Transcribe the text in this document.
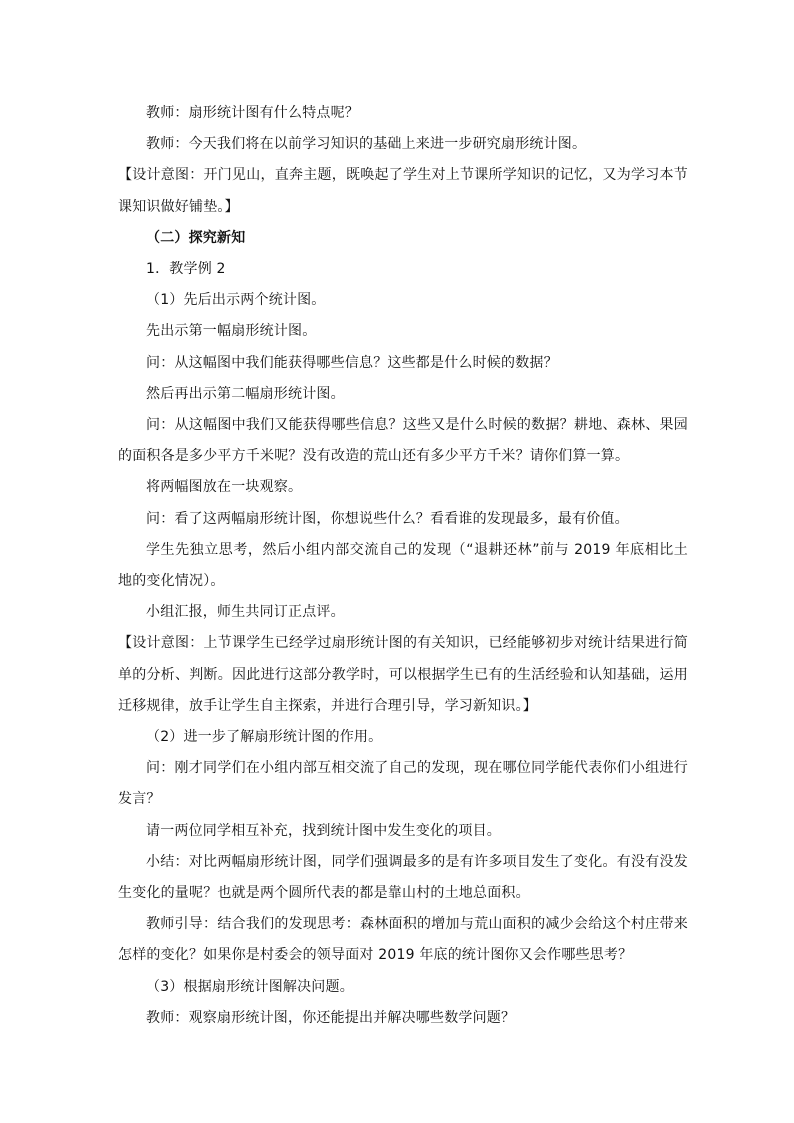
教师：扇形统计图有什么特点呢？

教师：今天我们将在以前学习知识的基础上来进一步研究扇形统计图。

【设计意图：开门见山，直奔主题，既唤起了学生对上节课所学知识的记忆，又为学习本节课知识做好铺垫。】

（二）探究新知

1．教学例 2

（1）先后出示两个统计图。

先出示第一幅扇形统计图。

问：从这幅图中我们能获得哪些信息？这些都是什么时候的数据？

然后再出示第二幅扇形统计图。

问：从这幅图中我们又能获得哪些信息？这些又是什么时候的数据？耕地、森林、果园的面积各是多少平方千米呢？没有改造的荒山还有多少平方千米？请你们算一算。

将两幅图放在一块观察。

问：看了这两幅扇形统计图，你想说些什么？看看谁的发现最多，最有价值。

学生先独立思考，然后小组内部交流自己的发现（“退耕还林”前与 2019 年底相比土地的变化情况）。

小组汇报，师生共同订正点评。

【设计意图：上节课学生已经学过扇形统计图的有关知识，已经能够初步对统计结果进行简单的分析、判断。因此进行这部分教学时，可以根据学生已有的生活经验和认知基础，运用迁移规律，放手让学生自主探索，并进行合理引导，学习新知识。】

（2）进一步了解扇形统计图的作用。

问：刚才同学们在小组内部互相交流了自己的发现，现在哪位同学能代表你们小组进行发言？

请一两位同学相互补充，找到统计图中发生变化的项目。

小结：对比两幅扇形统计图，同学们强调最多的是有许多项目发生了变化。有没有没发生变化的量呢？也就是两个圆所代表的都是靠山村的土地总面积。

教师引导：结合我们的发现思考：森林面积的增加与荒山面积的减少会给这个村庄带来怎样的变化？如果你是村委会的领导面对 2019 年底的统计图你又会作哪些思考？

（3）根据扇形统计图解决问题。

教师：观察扇形统计图，你还能提出并解决哪些数学问题？
